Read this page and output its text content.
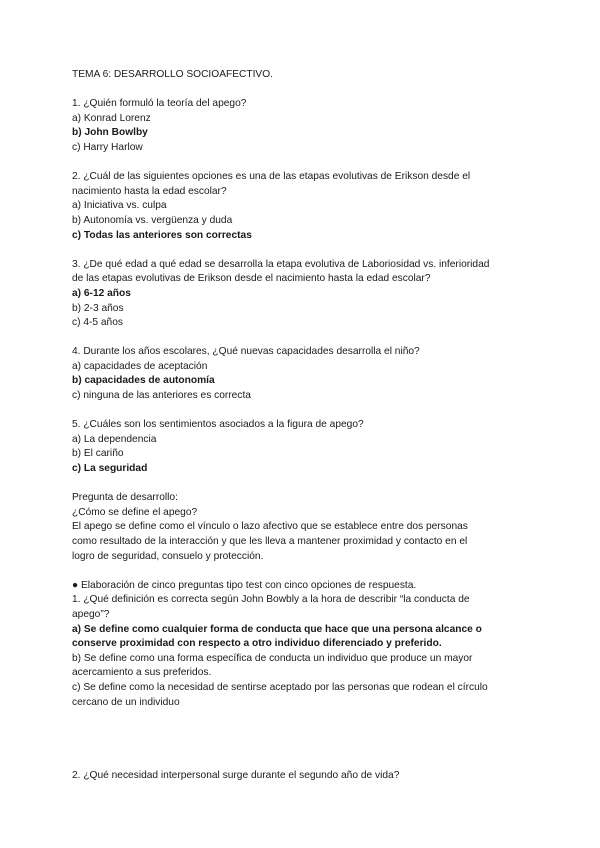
TEMA 6: DESARROLLO SOCIOAFECTIVO.
1. ¿Quién formuló la teoría del apego?
a) Konrad Lorenz
b) John Bowlby
c) Harry Harlow
2. ¿Cuál de las siguientes opciones es una de las etapas evolutivas de Erikson desde el
nacimiento hasta la edad escolar?
a) Iniciativa vs. culpa
b) Autonomía vs. vergüenza y duda
c) Todas las anteriores son correctas
3. ¿De qué edad a qué edad se desarrolla la etapa evolutiva de Laboriosidad vs. inferioridad
de las etapas evolutivas de Erikson desde el nacimiento hasta la edad escolar?
a) 6-12 años
b) 2-3 años
c) 4-5 años
4. Durante los años escolares, ¿Qué nuevas capacidades desarrolla el niño?
a) capacidades de aceptación
b) capacidades de autonomía
c) ninguna de las anteriores es correcta
5. ¿Cuáles son los sentimientos asociados a la figura de apego?
a) La dependencia
b) El cariño
c) La seguridad
Pregunta de desarrollo:
¿Cómo se define el apego?
El apego se define como el vínculo o lazo afectivo que se establece entre dos personas
como resultado de la interacción y que les lleva a mantener proximidad y contacto en el
logro de seguridad, consuelo y protección.
● Elaboración de cinco preguntas tipo test con cinco opciones de respuesta.
1. ¿Qué definición es correcta según John Bowbly a la hora de describir “la conducta de
apego”?
a) Se define como cualquier forma de conducta que hace que una persona alcance o
conserve proximidad con respecto a otro individuo diferenciado y preferido.
b) Se define como una forma específica de conducta un individuo que produce un mayor
acercamiento a sus preferidos.
c) Se define como la necesidad de sentirse aceptado por las personas que rodean el círculo
cercano de un individuo
2. ¿Qué necesidad interpersonal surge durante el segundo año de vida?
